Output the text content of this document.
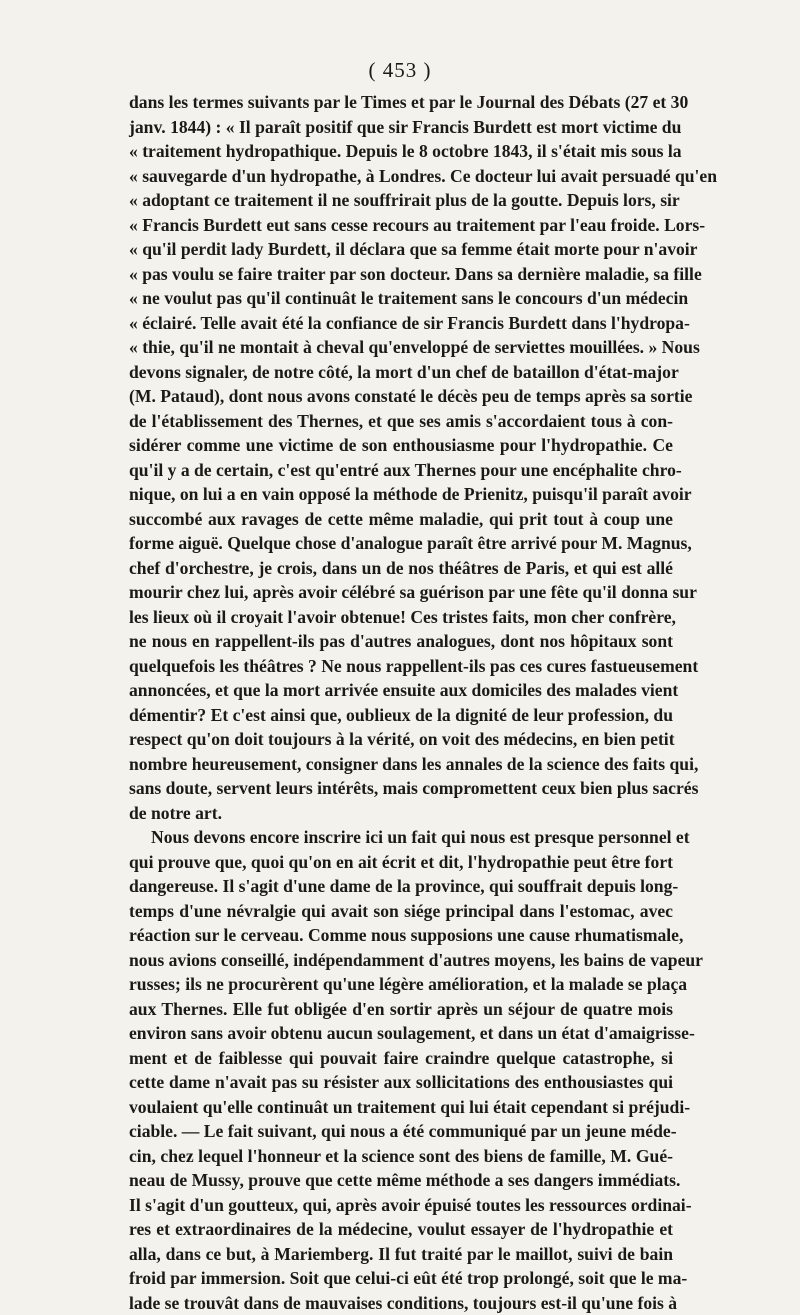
( 453 )
dans les termes suivants par le Times et par le Journal des Débats (27 et 30
janv. 1844) : « Il paraît positif que sir Francis Burdett est mort victime du
« traitement hydropathique. Depuis le 8 octobre 1843, il s'était mis sous la
« sauvegarde d'un hydropathe, à Londres. Ce docteur lui avait persuadé qu'en
« adoptant ce traitement il ne souffrirait plus de la goutte. Depuis lors, sir
« Francis Burdett eut sans cesse recours au traitement par l'eau froide. Lors-
« qu'il perdit lady Burdett, il déclara que sa femme était morte pour n'avoir
« pas voulu se faire traiter par son docteur. Dans sa dernière maladie, sa fille
« ne voulut pas qu'il continuât le traitement sans le concours d'un médecin
« éclairé. Telle avait été la confiance de sir Francis Burdett dans l'hydropa-
« thie, qu'il ne montait à cheval qu'enveloppé de serviettes mouillées. » Nous
devons signaler, de notre côté, la mort d'un chef de bataillon d'état-major
(M. Pataud), dont nous avons constaté le décès peu de temps après sa sortie
de l'établissement des Thernes, et que ses amis s'accordaient tous à con-
sidérer comme une victime de son enthousiasme pour l'hydropathie. Ce
qu'il y a de certain, c'est qu'entré aux Thernes pour une encéphalite chro-
nique, on lui a en vain opposé la méthode de Prienitz, puisqu'il paraît avoir
succombé aux ravages de cette même maladie, qui prit tout à coup une
forme aiguë. Quelque chose d'analogue paraît être arrivé pour M. Magnus,
chef d'orchestre, je crois, dans un de nos théâtres de Paris, et qui est allé
mourir chez lui, après avoir célébré sa guérison par une fête qu'il donna sur
les lieux où il croyait l'avoir obtenue! Ces tristes faits, mon cher confrère,
ne nous en rappellent-ils pas d'autres analogues, dont nos hôpitaux sont
quelquefois les théâtres ? Ne nous rappellent-ils pas ces cures fastueusement
annoncées, et que la mort arrivée ensuite aux domiciles des malades vient
démentir? Et c'est ainsi que, oublieux de la dignité de leur profession, du
respect qu'on doit toujours à la vérité, on voit des médecins, en bien petit
nombre heureusement, consigner dans les annales de la science des faits qui,
sans doute, servent leurs intérêts, mais compromettent ceux bien plus sacrés
de notre art.
Nous devons encore inscrire ici un fait qui nous est presque personnel et
qui prouve que, quoi qu'on en ait écrit et dit, l'hydropathie peut être fort
dangereuse. Il s'agit d'une dame de la province, qui souffrait depuis long-
temps d'une névralgie qui avait son siége principal dans l'estomac, avec
réaction sur le cerveau. Comme nous supposions une cause rhumatismale,
nous avions conseillé, indépendamment d'autres moyens, les bains de vapeur
russes; ils ne procurèrent qu'une légère amélioration, et la malade se plaça
aux Thernes. Elle fut obligée d'en sortir après un séjour de quatre mois
environ sans avoir obtenu aucun soulagement, et dans un état d'amaigrisse-
ment et de faiblesse qui pouvait faire craindre quelque catastrophe, si
cette dame n'avait pas su résister aux sollicitations des enthousiastes qui
voulaient qu'elle continuât un traitement qui lui était cependant si préjudi-
ciable. — Le fait suivant, qui nous a été communiqué par un jeune méde-
cin, chez lequel l'honneur et la science sont des biens de famille, M. Gué-
neau de Mussy, prouve que cette même méthode a ses dangers immédiats.
Il s'agit d'un goutteux, qui, après avoir épuisé toutes les ressources ordinai-
res et extraordinaires de la médecine, voulut essayer de l'hydropathie et
alla, dans ce but, à Mariemberg. Il fut traité par le maillot, suivi de bain
froid par immersion. Soit que celui-ci eût été trop prolongé, soit que le ma-
lade se trouvât dans de mauvaises conditions, toujours est-il qu'une fois à
